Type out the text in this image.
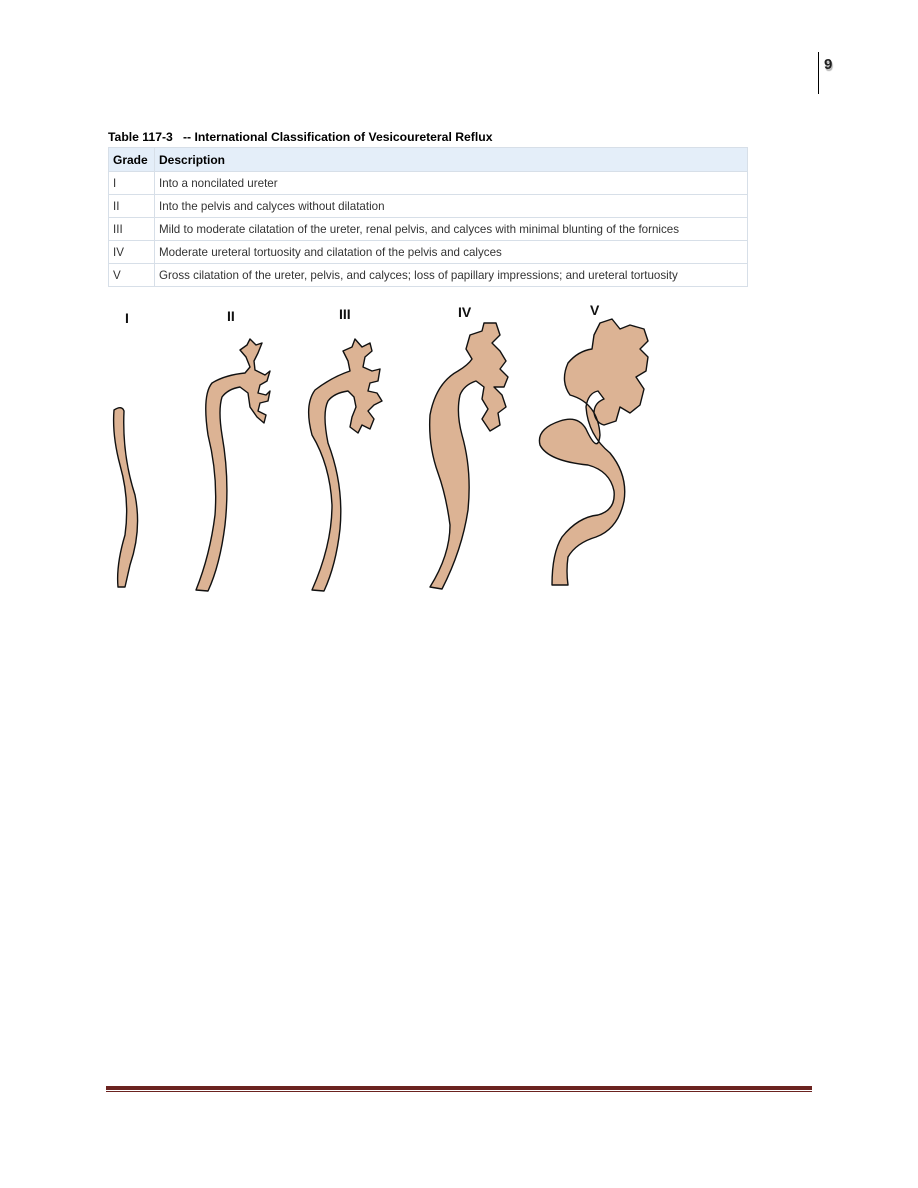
9
Table 117-3   -- International Classification of Vesicoureteral Reflux
Grade	Description
I	Into a noncilated ureter
II	Into the pelvis and calyces without dilatation
III	Mild to moderate cilatation of the ureter, renal pelvis, and calyces with minimal blunting of the fornices
IV	Moderate ureteral tortuosity and cilatation of the pelvis and calyces
V	Gross cilatation of the ureter, pelvis, and calyces; loss of papillary impressions; and ureteral tortuosity
I	II	III	IV	V
